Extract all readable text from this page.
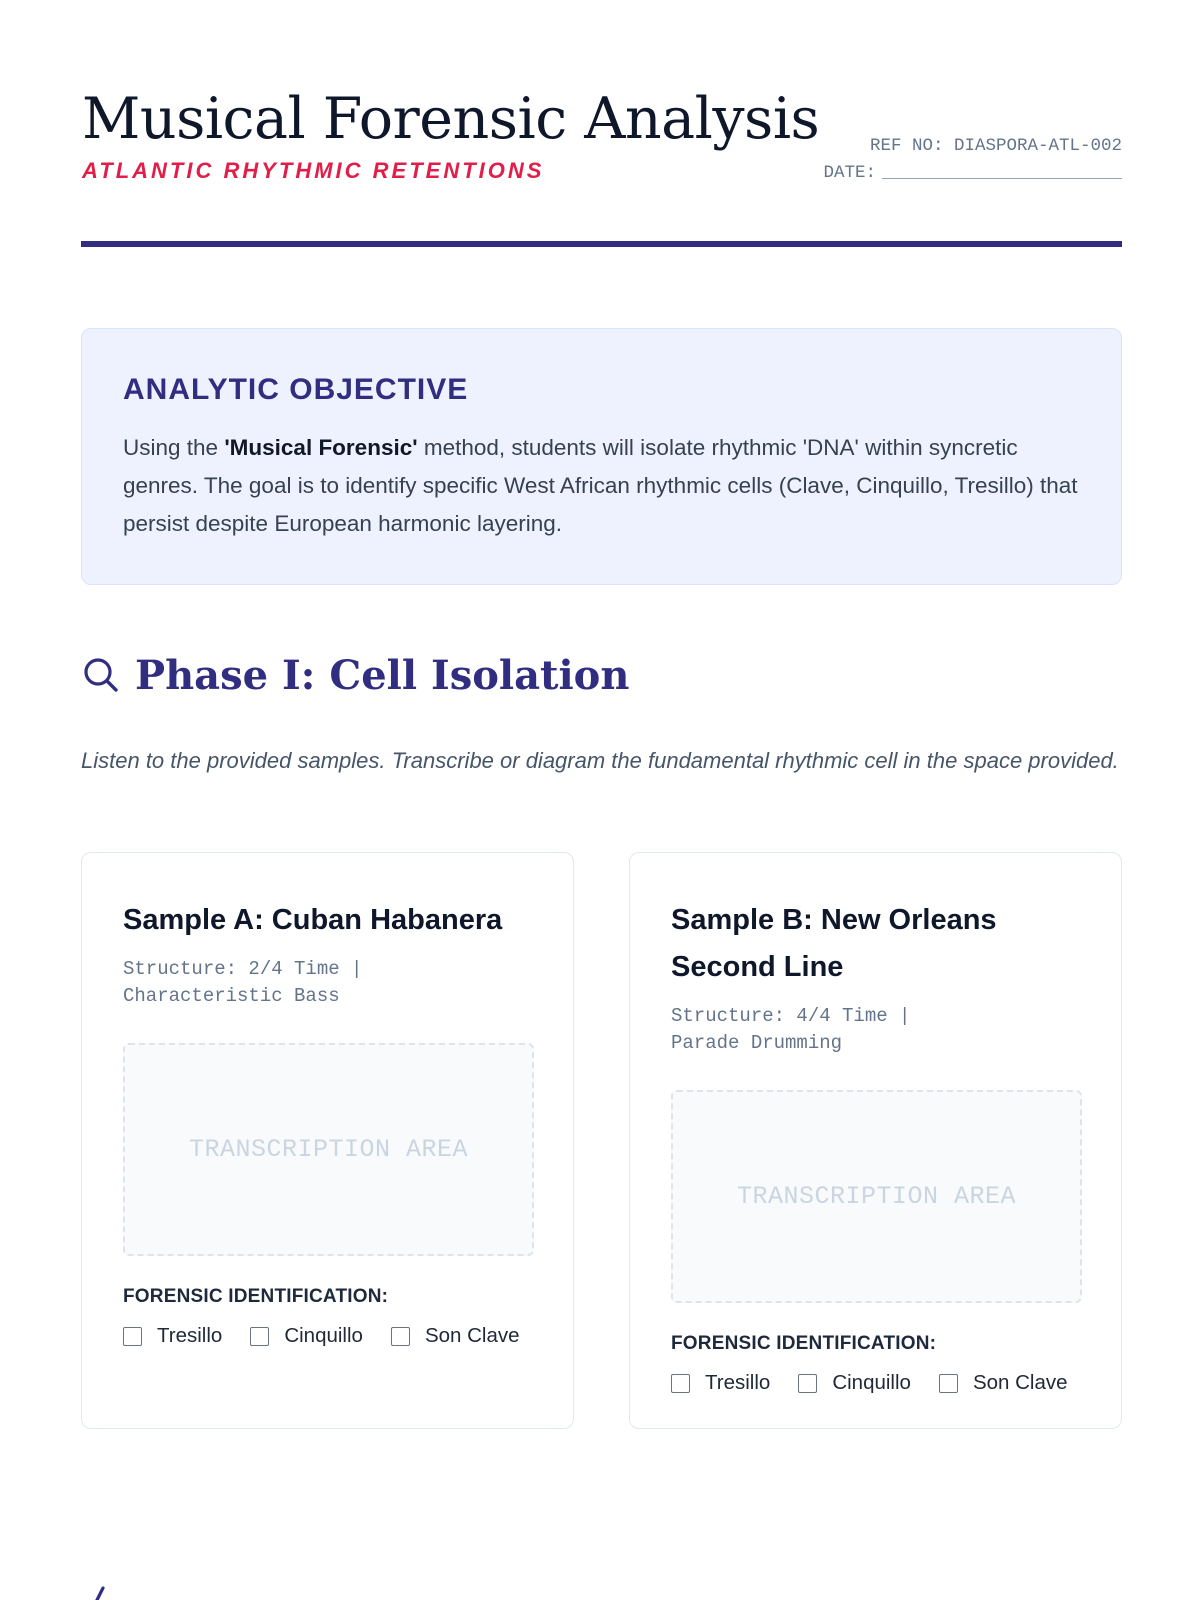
Musical Forensic Analysis
ATLANTIC RHYTHMIC RETENTIONS
REF NO: DIASPORA-ATL-002
DATE:
ANALYTIC OBJECTIVE

Using the 'Musical Forensic' method, students will isolate rhythmic 'DNA' within syncretic genres. The goal is to identify specific West African rhythmic cells (Clave, Cinquillo, Tresillo) that persist despite European harmonic layering.

Phase I: Cell Isolation

Listen to the provided samples. Transcribe or diagram the fundamental rhythmic cell in the space provided.

Sample A: Cuban Habanera
Structure: 2/4 Time | Characteristic Bass
TRANSCRIPTION AREA
FORENSIC IDENTIFICATION:
Tresillo	Cinquillo	Son Clave
Sample B: New Orleans Second Line
Structure: 4/4 Time | Parade Drumming
TRANSCRIPTION AREA
FORENSIC IDENTIFICATION:
Tresillo	Cinquillo	Son Clave
